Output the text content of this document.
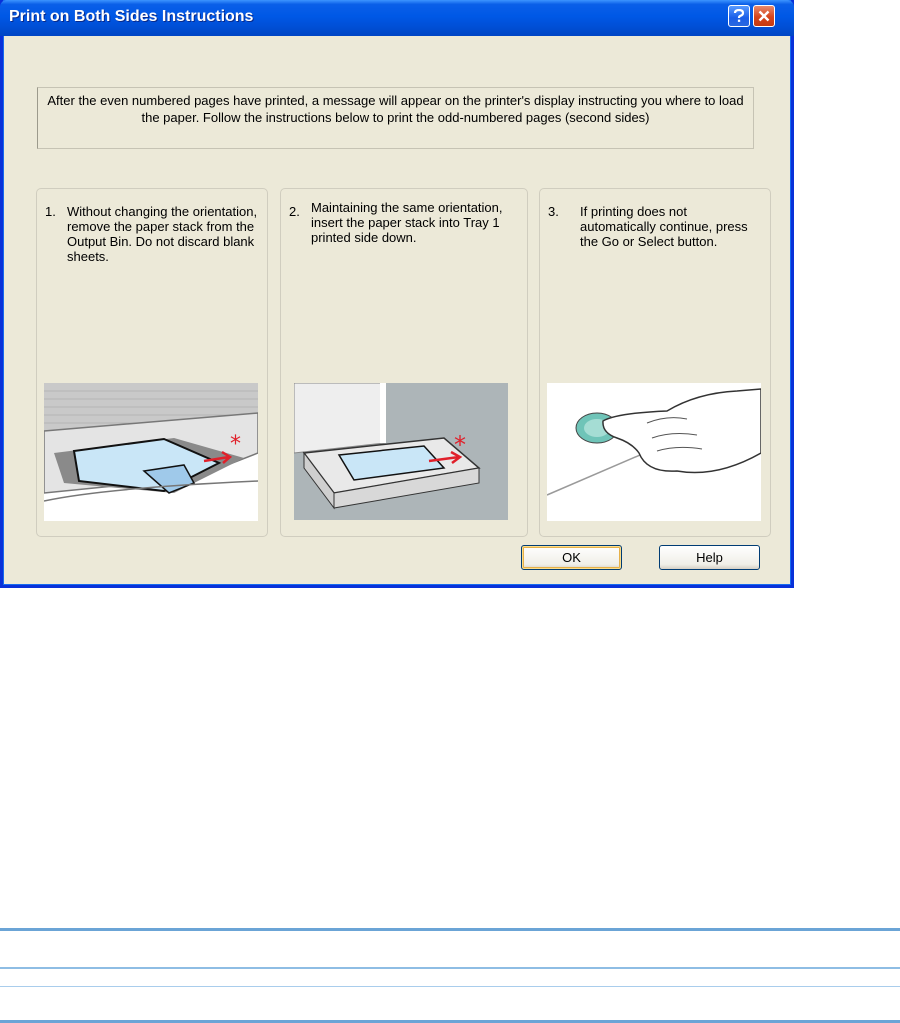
Print on Both Sides Instructions
After the even numbered pages have printed, a message will appear on the printer's display instructing you where to load the paper. Follow the instructions below to print the odd-numbered pages (second sides)
1. Without changing the orientation, remove the paper stack from the Output Bin. Do not discard blank sheets.
*
2. Maintaining the same orientation, insert the paper stack into Tray 1 printed side down.
*
3. If printing does not automatically continue, press the Go or Select button.
OK	Help
